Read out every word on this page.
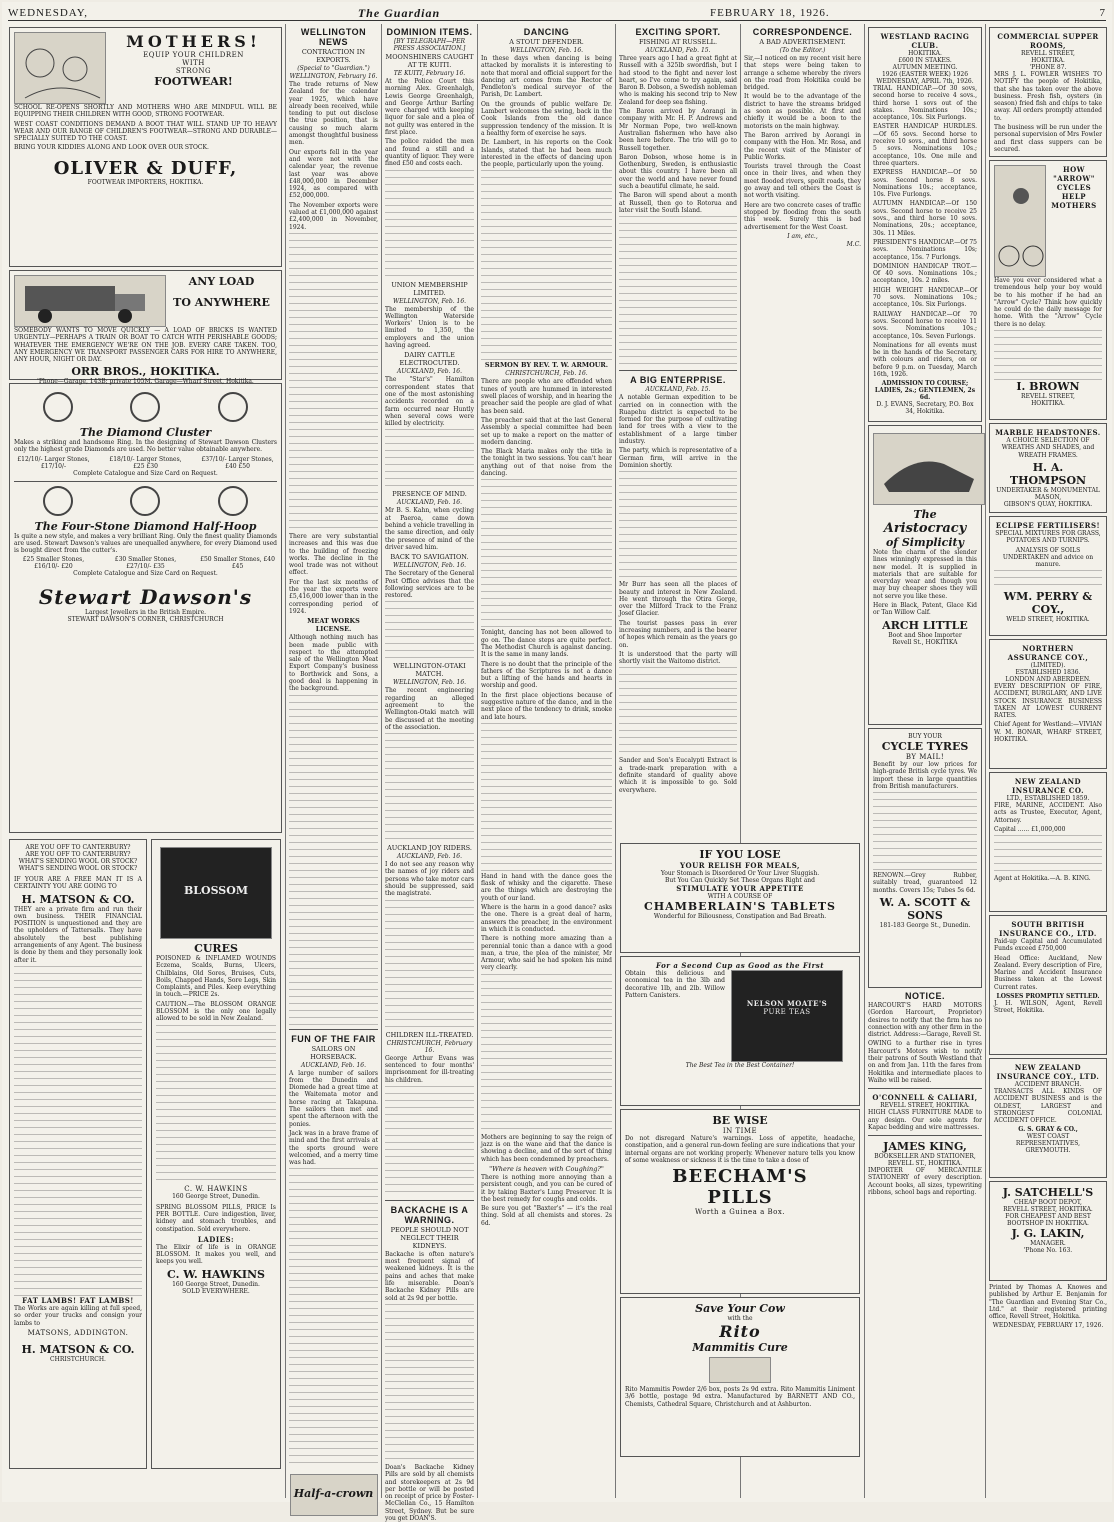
WEDNESDAY,	The Guardian	FEBRUARY 18, 1926.	7
MOTHERS!
EQUIP YOUR CHILDREN
WITH
STRONG
FOOTWEAR!

SCHOOL RE-OPENS SHORTLY AND MOTHERS WHO ARE MINDFUL WILL BE EQUIPPING THEIR CHILDREN WITH GOOD, STRONG FOOTWEAR.

WEST COAST CONDITIONS DEMAND A BOOT THAT WILL STAND UP TO HEAVY WEAR AND OUR RANGE OF CHILDREN'S FOOTWEAR—STRONG AND DURABLE—SPECIALLY SUITED TO THE COAST.

BRING YOUR KIDDIES ALONG AND LOOK OVER OUR STOCK.

OLIVER & DUFF,
FOOTWEAR IMPORTERS, HOKITIKA.
ANY LOAD
TO ANYWHERE

SOMEBODY WANTS TO MOVE QUICKLY — A LOAD OF BRICKS IS WANTED URGENTLY—PERHAPS A TRAIN OR BOAT TO CATCH WITH PERISHABLE GOODS; WHATEVER THE EMERGENCY WE'RE ON THE JOB. EVERY CARE TAKEN. TOO, ANY EMERGENCY WE TRANSPORT PASSENGER CARS FOR HIRE TO ANYWHERE, ANY HOUR, NIGHT OR DAY.

ORR BROS., HOKITIKA.
'Phone—Garage, 143B; private 105M. Garage—Wharf Street, Hokitika.
The Diamond Cluster

Makes a striking and handsome Ring. In the designing of Stewart Dawson Clusters only the highest grade Diamonds are used. No better value obtainable anywhere.

£12/10/- Larger Stones, £17/10/-
£18/10/- Larger Stones, £25 £30
£37/10/- Larger Stones, £40 £50
Complete Catalogue and Size Card on Request.
The Four-Stone Diamond Half-Hoop

Is quite a new style, and makes a very brilliant Ring. Only the finest quality Diamonds are used. Stewart Dawson's values are unequalled anywhere, for every Diamond used is bought direct from the cutter's.

£25 Smaller Stones, £16/10/- £20
£30 Smaller Stones, £27/10/- £35
£50 Smaller Stones, £40 £45
Complete Catalogue and Size Card on Request.
Stewart Dawson's
Largest Jewellers in the British Empire.
STEWART DAWSON'S CORNER, CHRISTCHURCH
ARE YOU OFF TO CANTERBURY?
ARE YOU OFF TO CANTERBURY?
WHAT'S SENDING WOOL OR STOCK?
WHAT'S SENDING WOOL OR STOCK?

IF YOUR ARE A FREE MAN IT IS A CERTAINTY YOU ARE GOING TO

H. MATSON & CO.

THEY are a private firm and run their own business. THEIR FINANCIAL POSITION is unquestioned and they are the upholders of Tattersalls. They have absolutely the best publishing arrangements of any Agent. The business is done by them and they personally look after it.

FAT LAMBS! FAT LAMBS!

The Works are again killing at full speed, so order your trucks and consign your lambs to

MATSONS, ADDINGTON.
H. MATSON & CO.
CHRISTCHURCH.
BLOSSOM
CURES

POISONED & INFLAMED WOUNDS Eczema, Scalds, Burns, Ulcers, Chilblains, Old Sores, Bruises, Cuts, Boils, Chapped Hands, Sore Legs, Skin Complaints, and Piles. Keep everything in touch.—PRICE 2s.

CAUTION.—The BLOSSOM ORANGE BLOSSOM is the only one legally allowed to be sold in New Zealand.

C. W. HAWKINS
160 George Street, Dunedin.

SPRING BLOSSOM PILLS, PRICE Is PER BOTTLE. Cure indigestion, liver, kidney and stomach troubles, and constipation. Sold everywhere.

LADIES:

The Elixir of life is in ORANGE BLOSSOM. It makes you well, and keeps you well.

C. W. HAWKINS
160 George Street, Dunedin.
SOLD EVERYWHERE.
WELLINGTON NEWS
CONTRACTION IN EXPORTS.
(Special to "Guardian.")
WELLINGTON, February 16.

The trade returns of New Zealand for the calendar year 1925, which have already been received, while tending to put out disclose the true position, that is causing so much alarm amongst thoughtful business men.

Our exports fell in the year and were not with the calendar year, the revenue last year was above £48,000,000 in December 1924, as compared with £52,000,000.

The November exports were valued at £1,000,000 against £2,400,000 in November, 1924.

There are very substantial increases and this was due to the building of freezing works. The decline in the wool trade was not without effect.

For the last six months of the year the exports were £5,416,000 lower than in the corresponding period of 1924.

MEAT WORKS LICENSE.

Although nothing much has been made public with respect to the attempted sale of the Wellington Meat Export Company's business to Borthwick and Sons, a good deal is happening in the background.

FUN OF THE FAIR
SAILORS ON HORSEBACK.
AUCKLAND, Feb. 16.

A large number of sailors from the Dunedin and Diomede had a great time at the Waitemata motor and horse racing at Takapuna. The sailors then met and spent the afternoon with the ponies.

Jack was in a brave frame of mind and the first arrivals at the sports ground were welcomed, and a merry time was had.

Half-a-crown
DOMINION ITEMS.
[BY TELEGRAPH—PER PRESS ASSOCIATION.]
MOONSHINERS CAUGHT AT TE KUITI.
TE KUITI, February 16.

At the Police Court this morning Alex. Greenhalgh, Lewis George Greenhalgh, and George Arthur Barling were charged with keeping liquor for sale and a plea of not guilty was entered in the first place.

The police raided the men and found a still and a quantity of liquor. They were fined £50 and costs each.

UNION MEMBERSHIP LIMITED.
WELLINGTON, Feb. 16.

The membership of the Wellington Waterside Workers' Union is to be limited to 1,350, the employers and the union having agreed.

DAIRY CATTLE ELECTROCUTED.
AUCKLAND, Feb. 16.

The "Star's" Hamilton correspondent states that one of the most astonishing accidents recorded on a farm occurred near Huntly when several cows were killed by electricity.

PRESENCE OF MIND.
AUCKLAND, Feb. 16.

Mr B. S. Kahn, when cycling at Paeroa, came down behind a vehicle travelling in the same direction, and only the presence of mind of the driver saved him.

BACK TO SAVIGATION.
WELLINGTON, Feb. 16.

The Secretary of the General Post Office advises that the following services are to be restored.

WELLINGTON-OTAKI MATCH.
WELLINGTON, Feb. 16.

The recent engineering regarding an alleged agreement to the Wellington-Otaki match will be discussed at the meeting of the association.

AUCKLAND JOY RIDERS.
AUCKLAND, Feb. 16.

I do not see any reason why the names of joy riders and persons who take motor cars should be suppressed, said the magistrate.

CHILDREN ILL-TREATED.
CHRISTCHURCH, February 16.

George Arthur Evans was sentenced to four months' imprisonment for ill-treating his children.

BACKACHE IS A WARNING.
PEOPLE SHOULD NOT NEGLECT THEIR KIDNEYS.

Backache is often nature's most frequent signal of weakened kidneys. It is the pains and aches that make life miserable. Doan's Backache Kidney Pills are sold at 2s 9d per bottle.

Doan's Backache Kidney Pills are sold by all chemists and storekeepers at 2s 9d per bottle or will be posted on receipt of price by Foster-McClellan Co., 15 Hamilton Street, Sydney. But be sure you get DOAN'S.

DANCING
A STOUT DEFENDER.
WELLINGTON, Feb. 16.

In these days when dancing is being attacked by moralists it is interesting to note that moral and official support for the dancing art comes from the Rector of Pendleton's medical surveyor of the Parish, Dr. Lambert.

On the grounds of public welfare Dr. Lambert welcomes the swing, back in the Cook Islands from the old dance suppression tendency of the mission. It is a healthy form of exercise he says.

Dr. Lambert, in his reports on the Cook Islands, stated that he had been much interested in the effects of dancing upon the people, particularly upon the young.

SERMON BY REV. T. W. ARMOUR.
CHRISTCHURCH, Feb. 16.

There are people who are offended when tunes of youth are hummed in interested swell places of worship, and in hearing the preacher said the people are glad of what has been said.

The preacher said that at the last General Assembly a special committee had been set up to make a report on the matter of modern dancing.

The Black Maria makes only the title in the tonight in two sessions. You can't hear anything out of that noise from the dancing.

Tonight, dancing has not been allowed to go on. The dance steps are quite perfect. The Methodist Church is against dancing. It is the same in many lands.

There is no doubt that the principle of the fathers of the Scriptures is not a dance but a lifting of the hands and hearts in worship and good.

In the first place objections because of suggestive nature of the dance, and in the next place of the tendency to drink, smoke and late hours.

Hand in hand with the dance goes the flask of whisky and the cigarette. These are the things which are destroying the youth of our land.

Where is the harm in a good dance? asks the one. There is a great deal of harm, answers the preacher, in the environment in which it is conducted.

There is nothing more amazing than a perennial tonic than a dance with a good man, a true, the plea of the minister, Mr Armour, who said he had spoken his mind very clearly.

Mothers are beginning to say the reign of jazz is on the wane and that the dance is showing a decline, and of the sort of thing which has been condemned by preachers.

"Where is heaven with Coughing?"

There is nothing more annoying than a persistent cough, and you can be cured of it by taking Baxter's Lung Preserver. It is the best remedy for coughs and colds.

Be sure you get "Baxter's" — it's the real thing. Sold at all chemists and stores. 2s 6d.

EXCITING SPORT.
FISHING AT RUSSELL.
AUCKLAND, Feb. 15.

Three years ago I had a great fight at Russell with a 325lb swordfish, but I had stood to the fight and never lost heart, so I've come to try again, said Baron B. Dobson, a Swedish nobleman who is making his second trip to New Zealand for deep sea fishing.

The Baron arrived by Aorangi in company with Mr. H. P. Andrews and Mr Norman Pope, two well-known Australian fishermen who have also been here before. The trio will go to Russell together.

Baron Dobson, whose home is in Gothenburg, Sweden, is enthusiastic about this country. I have been all over the world and have never found such a beautiful climate, he said.

The Baron will spend about a month at Russell, then go to Rotorua and later visit the South Island.

A BIG ENTERPRISE.
AUCKLAND, Feb. 15.

A notable German expedition to be carried on in connection with the Ruapehu district is expected to be formed for the purpose of cultivating land for trees with a view to the establishment of a large timber industry.

The party, which is representative of a German firm, will arrive in the Dominion shortly.

Mr Burr has seen all the places of beauty and interest in New Zealand. He went through the Otira Gorge, over the Milford Track to the Franz Josef Glacier.

The tourist passes pass in ever increasing numbers, and is the bearer of hopes which remain as the years go on.

It is understood that the party will shortly visit the Waitomo district.

Sander and Son's Eucalypti Extract is a trade-mark preparation with a definite standard of quality above which it is impossible to go. Sold everywhere.

CORRESPONDENCE.
A BAD ADVERTISEMENT.
(To the Editor.)

Sir,—I noticed on my recent visit here that steps were being taken to arrange a scheme whereby the rivers on the road from Hokitika could be bridged.

It would be to the advantage of the district to have the streams bridged as soon as possible. At first and chiefly it would be a boon to the motorists on the main highway.

The Baron arrived by Aorangi in company with the Hon. Mr. Rosa, and the recent visit of the Minister of Public Works.

Tourists travel through the Coast once in their lives, and when they meet flooded rivers, spoilt roads, they go away and tell others the Coast is not worth visiting.

Here are two concrete cases of traffic stopped by flooding from the south this week. Surely this is bad advertisement for the West Coast.

I am, etc.,
M.C.
IF YOU LOSE
YOUR RELISH FOR MEALS,
Your Stomach is Disordered Or Your Liver Sluggish.
But You Can Quickly Set These Organs Right and
STIMULATE YOUR APPETITE
WITH A COURSE OF
CHAMBERLAIN'S TABLETS
Wonderful for Biliousness, Constipation and Bad Breath.
For a Second Cup as Good as the First

Obtain this delicious and economical tea in the 3lb and decorative 1lb, and 2lb. Willow Pattern Canisters.

NELSON MOATE'S
PURE TEAS
The Best Tea in the Best Container!
BE WISE
IN TIME

Do not disregard Nature's warnings. Loss of appetite, headache, constipation, and a general run-down feeling are sure indications that your internal organs are not working properly. Whenever nature tells you know of some weakness or sickness it is the time to take a dose of

BEECHAM'S
PILLS
Worth a Guinea a Box.
Save Your Cow
with the
Rito
Mammitis Cure

Rito Mammitis Powder 2/6 box, posts 2s 9d extra. Rito Mammitis Liniment 3/6 bottle, postage 9d extra. Manufactured by BARNETT AND CO., Chemists, Cathedral Square, Christchurch and at Ashburton.

WESTLAND RACING CLUB.
HOKITIKA.
£600 IN STAKES.
AUTUMN MEETING.
1926 (EASTER WEEK) 1926
WEDNESDAY, APRIL 7th, 1926.

TRIAL HANDICAP.—Of 30 sovs, second horse to receive 4 sovs., third horse 1 sovs out of the stakes. Nominations 10s.; acceptance, 10s. Six Furlongs.

EASTER HANDICAP HURDLES.—Of 65 sovs. Second horse to receive 10 sovs., and third horse 5 sovs. Nominations 10s.; acceptance, 10s. One mile and three quarters.

EXPRESS HANDICAP.—Of 50 sovs. Second horse 8 sovs. Nominations 10s.; acceptance, 10s. Five Furlongs.

AUTUMN HANDICAP.—Of 150 sovs. Second horse to receive 25 sovs., and third horse 10 sovs. Nominations, 20s.; acceptance, 30s. 11 Miles.

PRESIDENT'S HANDICAP.—Of 75 sovs. Nominations 10s; acceptance, 15s. 7 Furlongs.

DOMINION HANDICAP TROT.—Of 40 sovs. Nominations 10s.; acceptance, 10s. 2 miles.

HIGH WEIGHT HANDICAP.—Of 70 sovs. Nominations 10s.; acceptance, 10s. Six Furlongs.

RAILWAY HANDICAP.—Of 70 sovs. Second horse to receive 11 sovs. Nominations 10s.; acceptance, 10s. Seven Furlongs.

Nominations for all events must be in the hands of the Secretary, with colours and riders, on or before 9 p.m. on Tuesday, March 16th, 1926.

ADMISSION TO COURSE; LADIES, 2s.; GENTLEMEN, 2s 6d.
D. J. EVANS, Secretary, P.O. Box 34, Hokitika.
The
Aristocracy
of Simplicity

Note the charm of the slender lines winningly expressed in this new model. It is supplied in materials that are suitable for everyday wear and though you may buy cheaper shoes they will not serve you like these.

Here in Black, Patent, Glace Kid or Tan Willow Calf.

ARCH LITTLE
Boot and Shoe Importer
Revell St., HOKITIKA
BUY YOUR
CYCLE TYRES
BY MAIL!

Benefit by our low prices for high-grade British cycle tyres. We import these in large quantities from British manufacturers.

RENOWN.—Grey Rubber, suitably tread, guaranteed 12 months. Covers 15s; Tubes 5s 6d.

W. A. SCOTT & SONS
181-183 George St., Dunedin.
NOTICE.

HARCOURT'S HARD MOTORS (Gordon Harcourt, Proprietor) desires to notify that the firm has no connection with any other firm in the district. Address:—Garage, Revell St.

OWING to a further rise in tyres Harcourt's Motors wish to notify their patrons of South Westland that on and from Jan. 11th the fares from Hokitika and intermediate places to Waiho will be raised.

O'CONNELL & CALIARI,
REVELL STREET, HOKITIKA.

HIGH CLASS FURNITURE MADE to any design. Our sole agents for Kapac bedding and wire mattresses.

JAMES KING,
BOOKSELLER AND STATIONER,
REVELL ST., HOKITIKA.

IMPORTER OF MERCANTILE STATIONERY of every description. Account books, all sizes, typewriting ribbons, school bags and reporting.

COMMERCIAL SUPPER ROOMS,
REVELL STREET,
HOKITIKA.
'PHONE 87.

MRS J. L. FOWLER WISHES TO NOTIFY the people of Hokitika, that she has taken over the above business. Fresh fish, oysters (in season) fried fish and chips to take away. All orders promptly attended to.

The business will be run under the personal supervision of Mrs Fowler and first class suppers can be secured.

HOW
"ARROW"
CYCLES
HELP
MOTHERS

Have you ever considered what a tremendous help your boy would be to his mother if he had an "Arrow" Cycle? Think how quickly he could do the daily message for home. With the "Arrow" Cycle there is no delay.

I. BROWN
REVELL STREET,
HOKITIKA.
MARBLE HEADSTONES.

A CHOICE SELECTION OF WREATHS AND SHADES, and WREATH FRAMES.

H. A. THOMPSON
UNDERTAKER & MONUMENTAL MASON,
GIBSON'S QUAY, HOKITIKA.
ECLIPSE FERTILISERS!

SPECIAL MIXTURES FOR GRASS, POTATOES AND TURNIPS.

ANALYSIS OF SOILS UNDERTAKEN and advice on manure.

WM. PERRY & COY.,
WELD STREET, HOKITIKA.
NORTHERN ASSURANCE COY.,
(LIMITED).
ESTABLISHED 1836.
LONDON AND ABERDEEN.

EVERY DESCRIPTION OF FIRE, ACCIDENT, BURGLARY, AND LIVE STOCK INSURANCE BUSINESS TAKEN AT LOWEST CURRENT RATES.

Chief Agent for Westland:—VIVIAN W. M. BONAR, WHARF STREET, HOKITIKA.

NEW ZEALAND INSURANCE CO.
LTD., ESTABLISHED 1859.

FIRE, MARINE, ACCIDENT. Also acts as Trustee, Executor, Agent, Attorney.

Capital ...... £1,000,000

Agent at Hokitika.—A. B. KING.

SOUTH BRITISH INSURANCE CO., LTD.

Paid-up Capital and Accumulated Funds exceed £750,000

Head Office: Auckland, New Zealand. Every description of Fire, Marine and Accident Insurance Business taken at the Lowest Current rates.

LOSSES PROMPTLY SETTLED.

J. H. WILSON, Agent, Revell Street, Hokitika.

NEW ZEALAND INSURANCE COY., LTD.
ACCIDENT BRANCH.

TRANSACTS ALL KINDS OF ACCIDENT BUSINESS and is the OLDEST, LARGEST and STRONGEST COLONIAL ACCIDENT OFFICE.

G. S. GRAY & CO.,
WEST COAST REPRESENTATIVES, GREYMOUTH.
J. SATCHELL'S
CHEAP BOOT DEPOT,
REVELL STREET, HOKITIKA.
FOR CHEAPEST AND BEST BOOTSHOP IN HOKITIKA.
J. G. LAKIN,
MANAGER.
'Phone No. 163.

Printed by Thomas A. Knowes and published by Arthur E. Benjamin for "The Guardian and Evening Star Co., Ltd." at their registered printing office, Revell Street, Hokitika.

WEDNESDAY, FEBRUARY 17, 1926.
